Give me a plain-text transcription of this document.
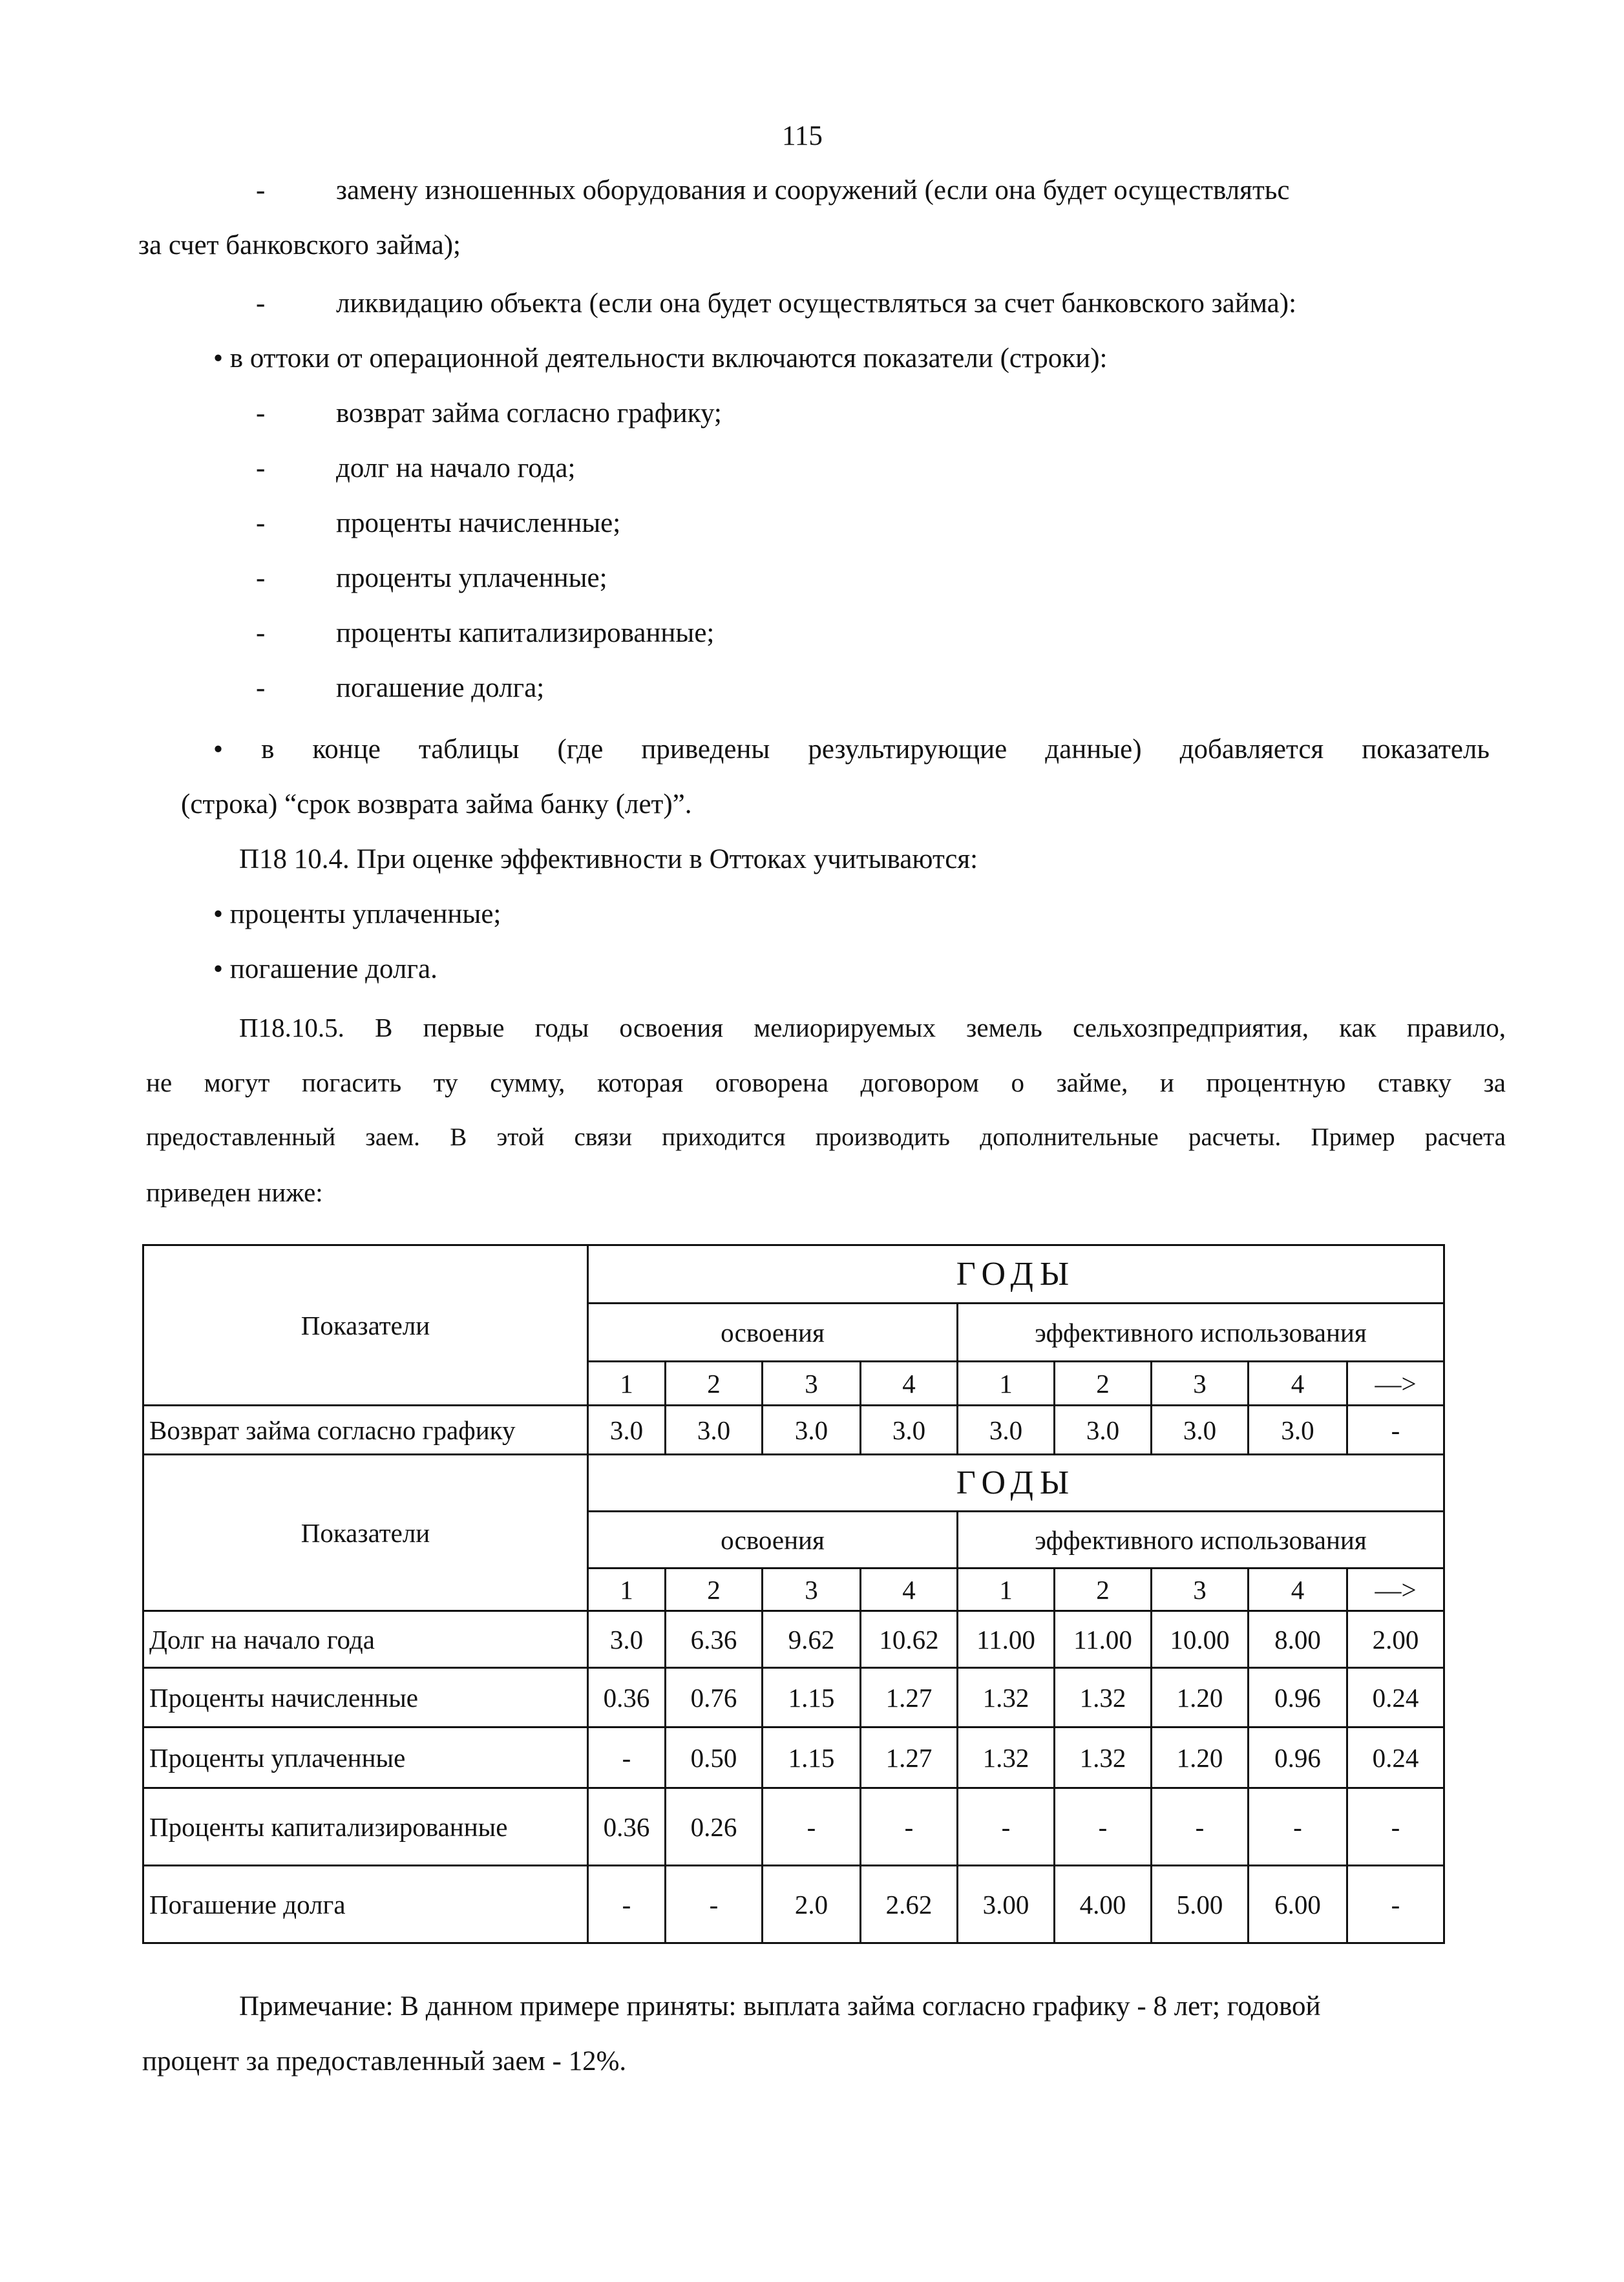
115
-	замену изношенных оборудования и сооружений (если она будет осуществлятьс
за счет банковского займа);
-	ликвидацию объекта (если она будет осуществляться за счет банковского займа):
• в оттоки от операционной деятельности включаются показатели (строки):
-	возврат займа согласно графику;
-	долг на начало года;
-	проценты начисленные;
-	проценты уплаченные;
-	проценты капитализированные;
-	погашение долга;
• в конце таблицы (где приведены результирующие данные) добавляется показатель
(строка) “срок возврата займа банку (лет)”.
П18 10.4. При оценке эффективности в Оттоках учитываются:
• проценты уплаченные;
• погашение долга.
П18.10.5. В первые годы освоения мелиорируемых земель сельхозпредприятия, как правило,
не могут погасить ту сумму, которая оговорена договором о займе, и процентную ставку за
предоставленный заем. В этой связи приходится производить дополнительные расчеты. Пример расчета
приведен ниже:
Показатели	ГОДЫ								
	освоения				эффективного использования				
	1	2	3	4	1	2	3	4	—>
Возврат займа согласно графику	3.0	3.0	3.0	3.0	3.0	3.0	3.0	3.0	-
Показатели	ГОДЫ								
	освоения				эффективного использования				
	1	2	3	4	1	2	3	4	—>
Долг на начало года	3.0	6.36	9.62	10.62	11.00	11.00	10.00	8.00	2.00
Проценты начисленные	0.36	0.76	1.15	1.27	1.32	1.32	1.20	0.96	0.24
Проценты уплаченные	-	0.50	1.15	1.27	1.32	1.32	1.20	0.96	0.24
Проценты капитализированные	0.36	0.26	-	-	-	-	-	-	-
Погашение долга	-	-	2.0	2.62	3.00	4.00	5.00	6.00	-
Примечание: В данном примере приняты: выплата займа согласно графику - 8 лет; годовой
процент за предоставленный заем - 12%.
